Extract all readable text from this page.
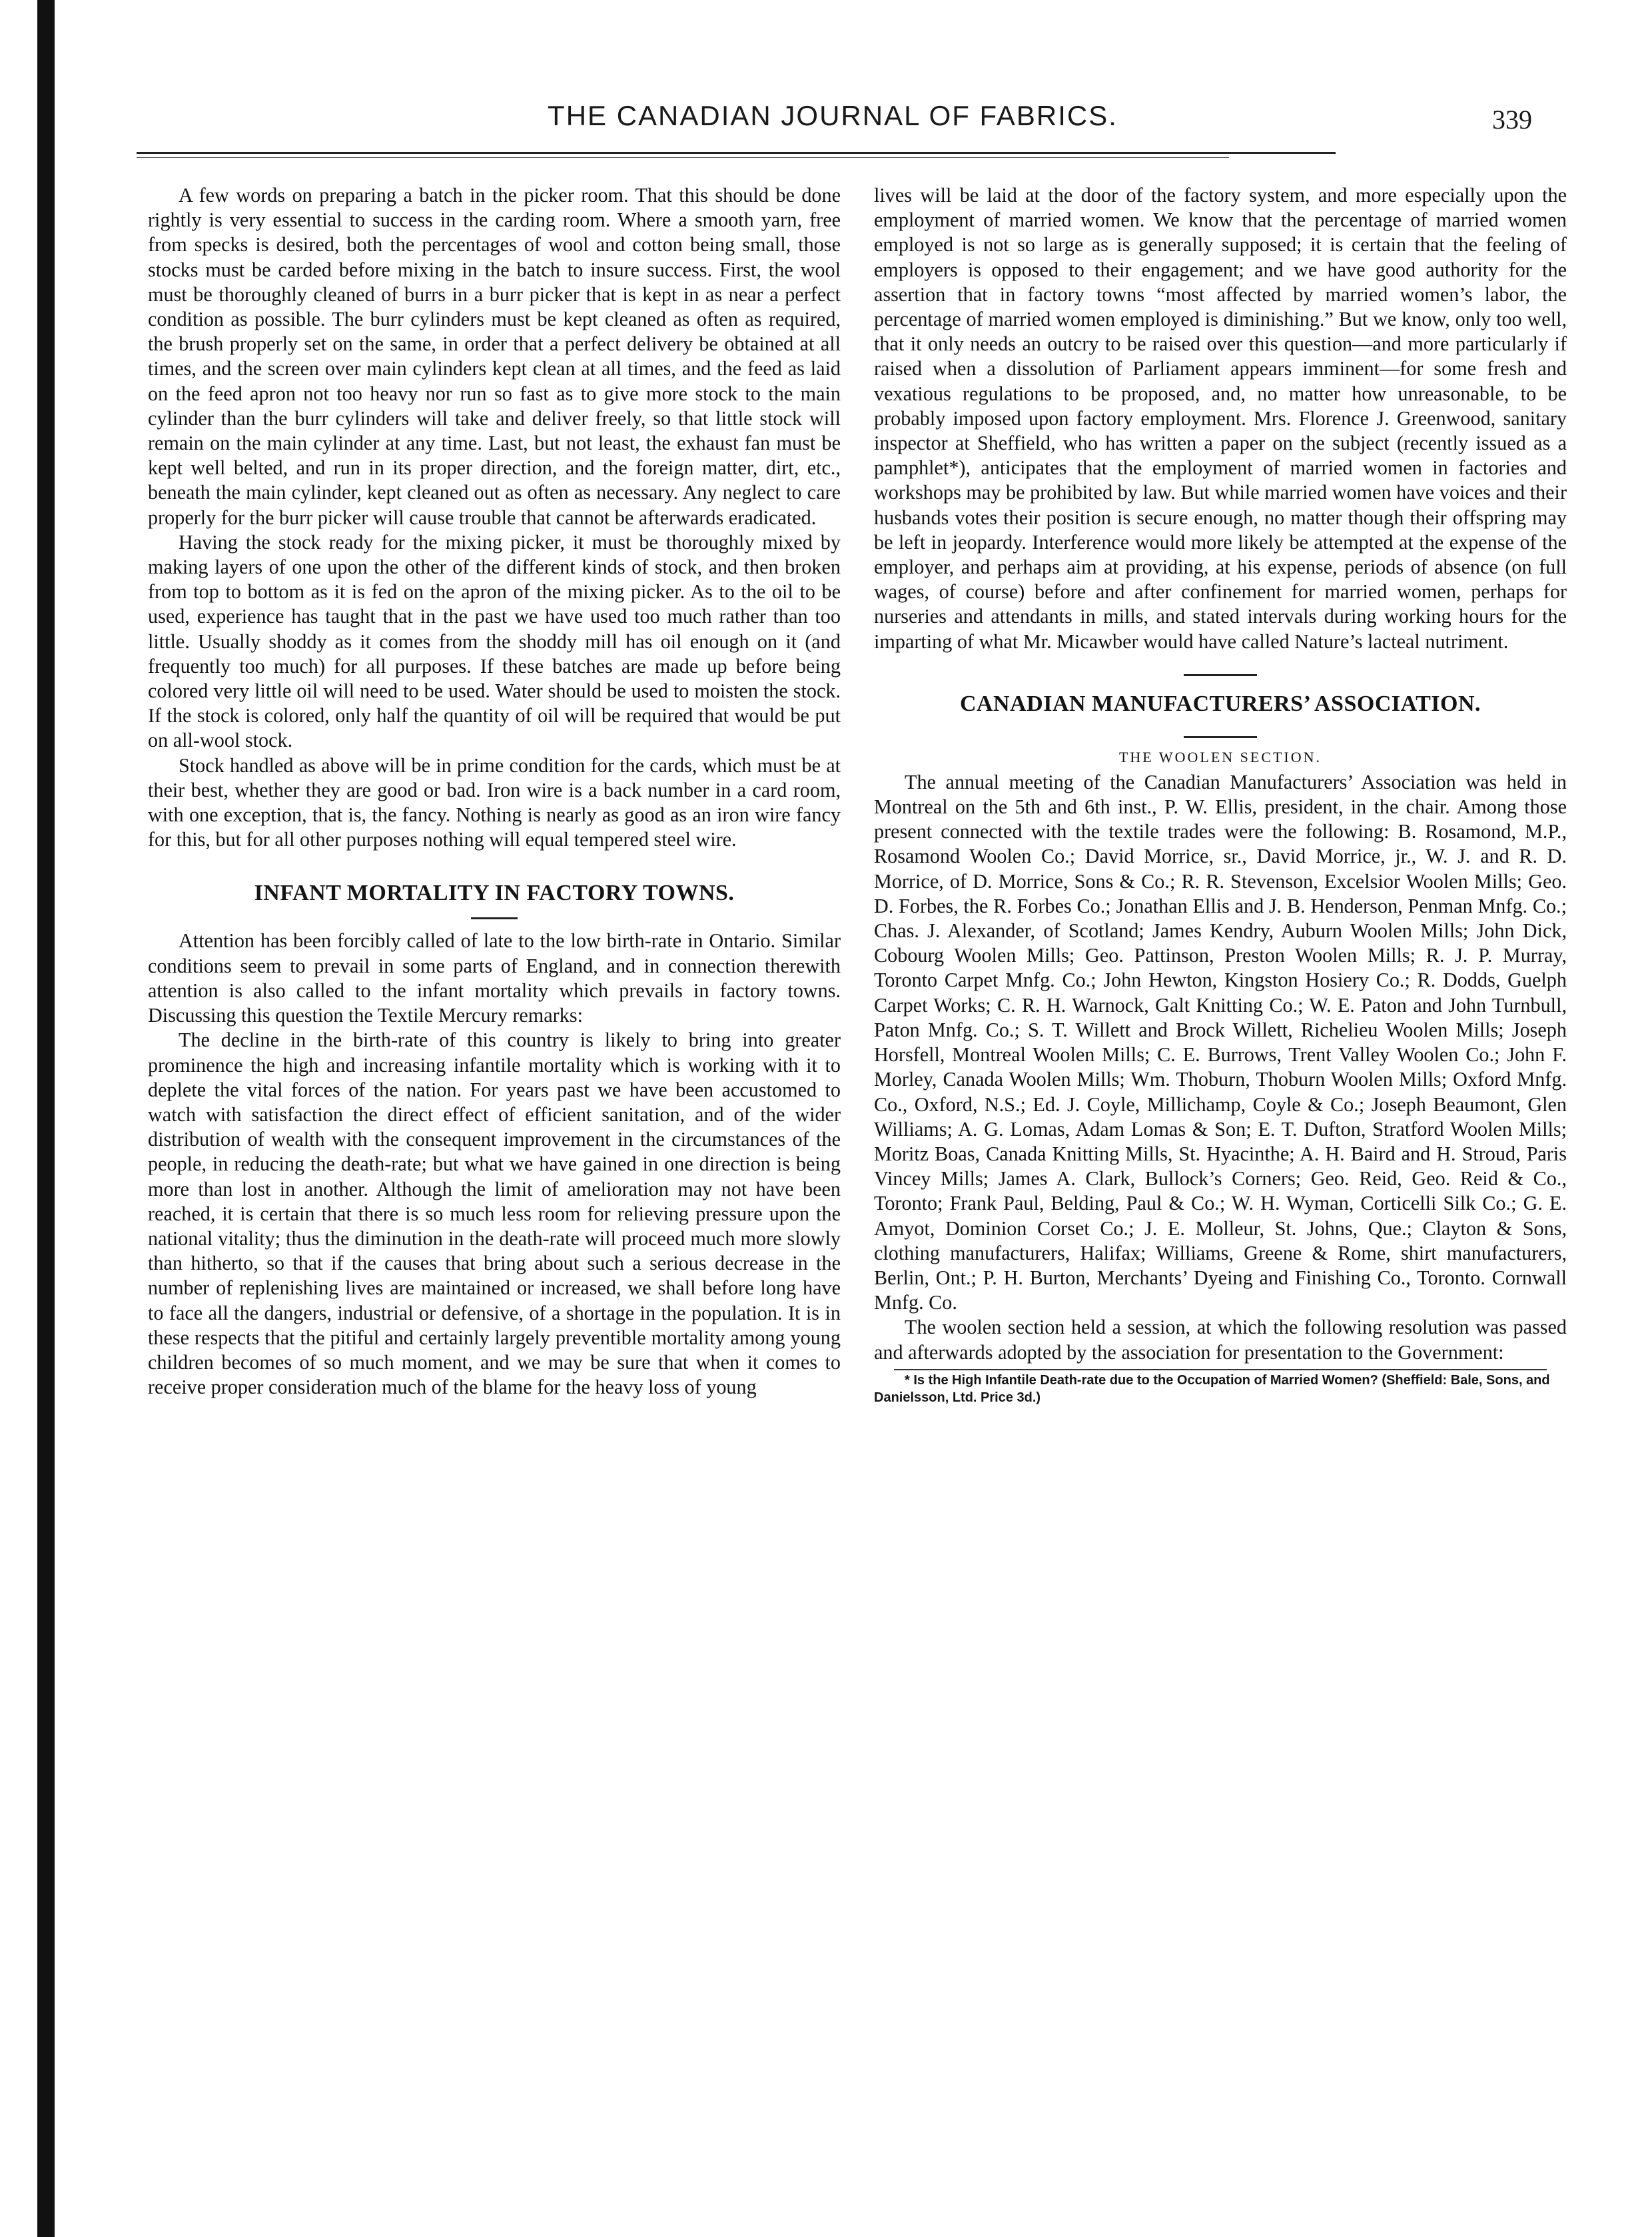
THE CANADIAN JOURNAL OF FABRICS.	339

A few words on preparing a batch in the picker room. That this should be done rightly is very essential to success in the carding room. Where a smooth yarn, free from specks is desired, both the percentages of wool and cotton being small, those stocks must be carded before mixing in the batch to insure success. First, the wool must be thoroughly cleaned of burrs in a burr picker that is kept in as near a perfect condition as possible. The burr cylinders must be kept cleaned as often as required, the brush properly set on the same, in order that a perfect delivery be obtained at all times, and the screen over main cylinders kept clean at all times, and the feed as laid on the feed apron not too heavy nor run so fast as to give more stock to the main cylinder than the burr cylinders will take and deliver freely, so that little stock will remain on the main cylinder at any time. Last, but not least, the exhaust fan must be kept well belted, and run in its proper direction, and the foreign matter, dirt, etc., beneath the main cylinder, kept cleaned out as often as necessary. Any neglect to care properly for the burr picker will cause trouble that cannot be afterwards eradicated.

Having the stock ready for the mixing picker, it must be thoroughly mixed by making layers of one upon the other of the different kinds of stock, and then broken from top to bottom as it is fed on the apron of the mixing picker. As to the oil to be used, experience has taught that in the past we have used too much rather than too little. Usually shoddy as it comes from the shoddy mill has oil enough on it (and frequently too much) for all purposes. If these batches are made up before being colored very little oil will need to be used. Water should be used to moisten the stock. If the stock is colored, only half the quantity of oil will be required that would be put on all-wool stock.

Stock handled as above will be in prime condition for the cards, which must be at their best, whether they are good or bad. Iron wire is a back number in a card room, with one exception, that is, the fancy. Nothing is nearly as good as an iron wire fancy for this, but for all other purposes nothing will equal tempered steel wire.

INFANT MORTALITY IN FACTORY TOWNS.

Attention has been forcibly called of late to the low birth-rate in Ontario. Similar conditions seem to prevail in some parts of England, and in connection therewith attention is also called to the infant mortality which prevails in factory towns. Discussing this question the Textile Mercury remarks:

The decline in the birth-rate of this country is likely to bring into greater prominence the high and increasing infantile mortality which is working with it to deplete the vital forces of the nation. For years past we have been accustomed to watch with satisfaction the direct effect of efficient sanitation, and of the wider distribution of wealth with the consequent improvement in the circumstances of the people, in reducing the death-rate; but what we have gained in one direction is being more than lost in another. Although the limit of amelioration may not have been reached, it is certain that there is so much less room for relieving pressure upon the national vitality; thus the diminution in the death-rate will proceed much more slowly than hitherto, so that if the causes that bring about such a serious decrease in the number of replenishing lives are maintained or increased, we shall before long have to face all the dangers, industrial or defensive, of a shortage in the population. It is in these respects that the pitiful and certainly largely preventible mortality among young children becomes of so much moment, and we may be sure that when it comes to receive proper consideration much of the blame for the heavy loss of young

lives will be laid at the door of the factory system, and more especially upon the employment of married women. We know that the percentage of married women employed is not so large as is generally supposed; it is certain that the feeling of employers is opposed to their engagement; and we have good authority for the assertion that in factory towns “most affected by married women’s labor, the percentage of married women employed is diminishing.” But we know, only too well, that it only needs an outcry to be raised over this question—and more particularly if raised when a dissolution of Parliament appears imminent—for some fresh and vexatious regulations to be proposed, and, no matter how unreasonable, to be probably imposed upon factory employment. Mrs. Florence J. Greenwood, sanitary inspector at Sheffield, who has written a paper on the subject (recently issued as a pamphlet*), anticipates that the employment of married women in factories and workshops may be prohibited by law. But while married women have voices and their husbands votes their position is secure enough, no matter though their offspring may be left in jeopardy. Interference would more likely be attempted at the expense of the employer, and perhaps aim at providing, at his expense, periods of absence (on full wages, of course) before and after confinement for married women, perhaps for nurseries and attendants in mills, and stated intervals during working hours for the imparting of what Mr. Micawber would have called Nature’s lacteal nutriment.

CANADIAN MANUFACTURERS’ ASSOCIATION.
THE WOOLEN SECTION.

The annual meeting of the Canadian Manufacturers’ Association was held in Montreal on the 5th and 6th inst., P. W. Ellis, president, in the chair. Among those present connected with the textile trades were the following: B. Rosamond, M.P., Rosamond Woolen Co.; David Morrice, sr., David Morrice, jr., W. J. and R. D. Morrice, of D. Morrice, Sons & Co.; R. R. Stevenson, Excelsior Woolen Mills; Geo. D. Forbes, the R. Forbes Co.; Jonathan Ellis and J. B. Henderson, Penman Mnfg. Co.; Chas. J. Alexander, of Scotland; James Kendry, Auburn Woolen Mills; John Dick, Cobourg Woolen Mills; Geo. Pattinson, Preston Woolen Mills; R. J. P. Murray, Toronto Carpet Mnfg. Co.; John Hewton, Kingston Hosiery Co.; R. Dodds, Guelph Carpet Works; C. R. H. Warnock, Galt Knitting Co.; W. E. Paton and John Turnbull, Paton Mnfg. Co.; S. T. Willett and Brock Willett, Richelieu Woolen Mills; Joseph Horsfell, Montreal Woolen Mills; C. E. Burrows, Trent Valley Woolen Co.; John F. Morley, Canada Woolen Mills; Wm. Thoburn, Thoburn Woolen Mills; Oxford Mnfg. Co., Oxford, N.S.; Ed. J. Coyle, Millichamp, Coyle & Co.; Joseph Beaumont, Glen Williams; A. G. Lomas, Adam Lomas & Son; E. T. Dufton, Stratford Woolen Mills; Moritz Boas, Canada Knitting Mills, St. Hyacinthe; A. H. Baird and H. Stroud, Paris Vincey Mills; James A. Clark, Bullock’s Corners; Geo. Reid, Geo. Reid & Co., Toronto; Frank Paul, Belding, Paul & Co.; W. H. Wyman, Corticelli Silk Co.; G. E. Amyot, Dominion Corset Co.; J. E. Molleur, St. Johns, Que.; Clayton & Sons, clothing manufacturers, Halifax; Williams, Greene & Rome, shirt manufacturers, Berlin, Ont.; P. H. Burton, Merchants’ Dyeing and Finishing Co., Toronto. Cornwall Mnfg. Co.

The woolen section held a session, at which the following resolution was passed and afterwards adopted by the association for presentation to the Government:

* Is the High Infantile Death-rate due to the Occupation of Married Women? (Sheffield: Bale, Sons, and Danielsson, Ltd. Price 3d.)
